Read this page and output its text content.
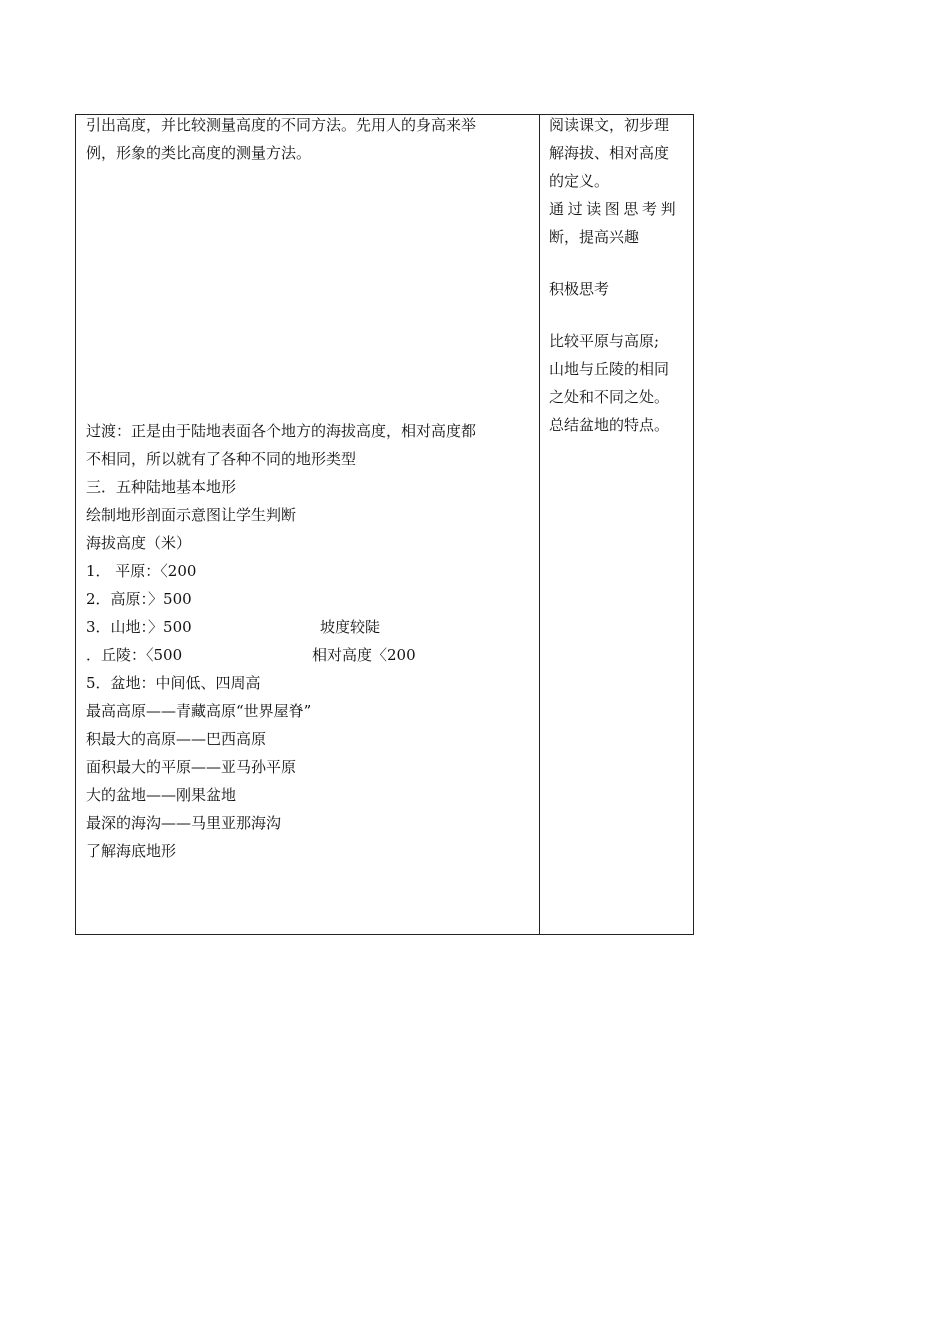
引出高度，并比较测量高度的不同方法。先用人的身高来举
例，形象的类比高度的测量方法。
过渡：正是由于陆地表面各个地方的海拔高度，相对高度都
不相同，所以就有了各种不同的地形类型
三．五种陆地基本地形
绘制地形剖面示意图让学生判断
海拔高度（米）
1． 平原：〈200
2．高原：〉500
3．山地：〉500	坡度较陡
．丘陵：〈500	相对高度〈200
5．盆地：中间低、四周高
最高高原——青藏高原“世界屋脊”
积最大的高原——巴西高原
面积最大的平原——亚马孙平原
大的盆地——刚果盆地
最深的海沟——马里亚那海沟
了解海底地形
阅读课文，初步理
解海拔、相对高度
的定义。
通过读图思考判
断，提高兴趣
积极思考
比较平原与高原;
山地与丘陵的相同
之处和不同之处。
总结盆地的特点。
